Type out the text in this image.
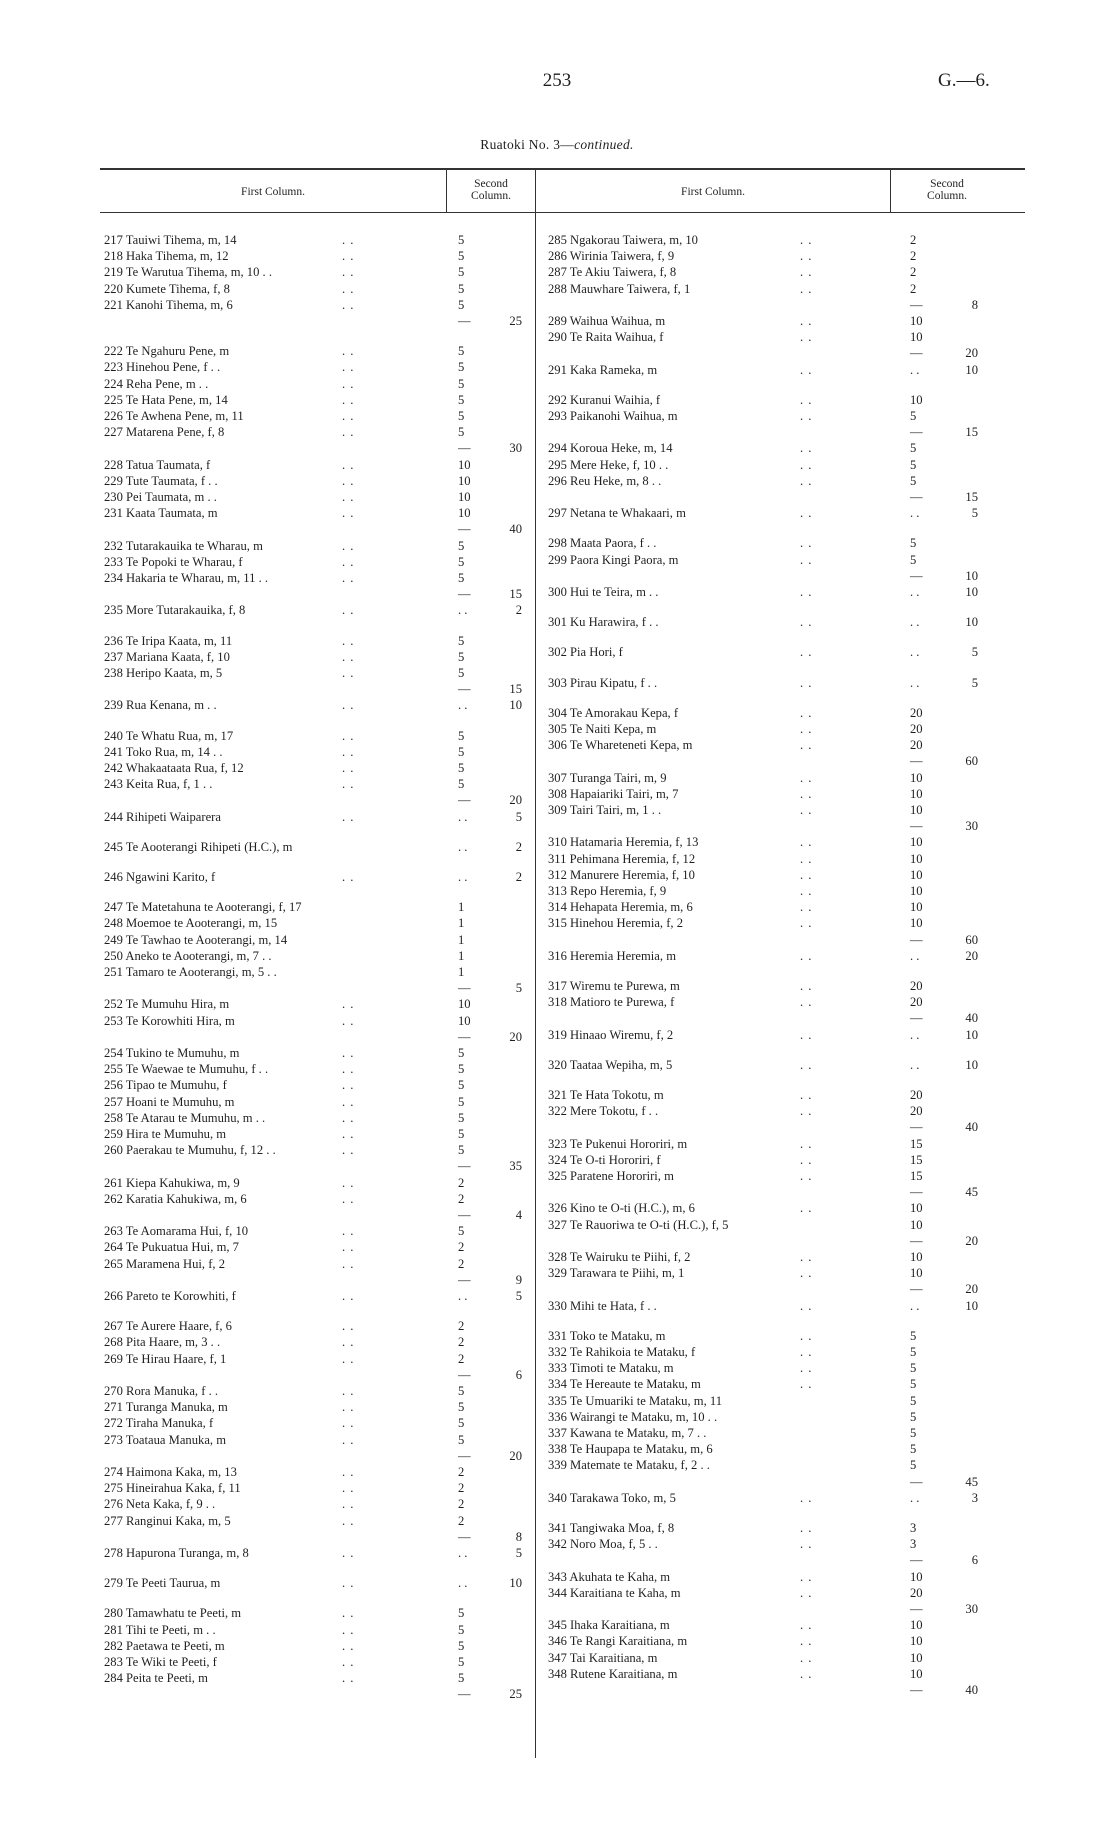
253	G.—6.
Ruatoki No. 3—continued.
First Column.
Second
Column.	First Column.
Second
Column.
217 Tauiwi Tihema, m, 14	. .	5
218 Haka Tihema, m, 12	. .	5
219 Te Warutua Tihema, m, 10 . .	. .	5
220 Kumete Tihema, f, 8	. .	5
221 Kanohi Tihema, m, 6	. .	5
—	25
222 Te Ngahuru Pene, m	. .	5
223 Hinehou Pene, f . .	. .	5
224 Reha Pene, m . .	. .	5
225 Te Hata Pene, m, 14	. .	5
226 Te Awhena Pene, m, 11	. .	5
227 Matarena Pene, f, 8	. .	5
—	30
228 Tatua Taumata, f	. .	10
229 Tute Taumata, f . .	. .	10
230 Pei Taumata, m . .	. .	10
231 Kaata Taumata, m	. .	10
—	40
232 Tutarakauika te Wharau, m	. .	5
233 Te Popoki te Wharau, f	. .	5
234 Hakaria te Wharau, m, 11 . .	. .	5
—	15
235 More Tutarakauika, f, 8	. .	. .	2
236 Te Iripa Kaata, m, 11	. .	5
237 Mariana Kaata, f, 10	. .	5
238 Heripo Kaata, m, 5	. .	5
—	15
239 Rua Kenana, m . .	. .	. .	10
240 Te Whatu Rua, m, 17	. .	5
241 Toko Rua, m, 14 . .	. .	5
242 Whakaataata Rua, f, 12	. .	5
243 Keita Rua, f, 1 . .	. .	5
—	20
244 Rihipeti Waiparera	. .	. .	5
245 Te Aooterangi Rihipeti (H.C.), m	. .	2
246 Ngawini Karito, f	. .	. .	2
247 Te Matetahuna te Aooterangi, f, 17	1
248 Moemoe te Aooterangi, m, 15	1
249 Te Tawhao te Aooterangi, m, 14	1
250 Aneko te Aooterangi, m, 7 . .	1
251 Tamaro te Aooterangi, m, 5 . .	1
—	5
252 Te Mumuhu Hira, m	. .	10
253 Te Korowhiti Hira, m	. .	10
—	20
254 Tukino te Mumuhu, m	. .	5
255 Te Waewae te Mumuhu, f . .	. .	5
256 Tipao te Mumuhu, f	. .	5
257 Hoani te Mumuhu, m	. .	5
258 Te Atarau te Mumuhu, m . .	. .	5
259 Hira te Mumuhu, m	. .	5
260 Paerakau te Mumuhu, f, 12 . .	. .	5
—	35
261 Kiepa Kahukiwa, m, 9	. .	2
262 Karatia Kahukiwa, m, 6	. .	2
—	4
263 Te Aomarama Hui, f, 10	. .	5
264 Te Pukuatua Hui, m, 7	. .	2
265 Maramena Hui, f, 2	. .	2
—	9
266 Pareto te Korowhiti, f	. .	. .	5
267 Te Aurere Haare, f, 6	. .	2
268 Pita Haare, m, 3 . .	. .	2
269 Te Hirau Haare, f, 1	. .	2
—	6
270 Rora Manuka, f . .	. .	5
271 Turanga Manuka, m	. .	5
272 Tiraha Manuka, f	. .	5
273 Toataua Manuka, m	. .	5
—	20
274 Haimona Kaka, m, 13	. .	2
275 Hineirahua Kaka, f, 11	. .	2
276 Neta Kaka, f, 9 . .	. .	2
277 Ranginui Kaka, m, 5	. .	2
—	8
278 Hapurona Turanga, m, 8	. .	. .	5
279 Te Peeti Taurua, m	. .	. .	10
280 Tamawhatu te Peeti, m	. .	5
281 Tihi te Peeti, m . .	. .	5
282 Paetawa te Peeti, m	. .	5
283 Te Wiki te Peeti, f	. .	5
284 Peita te Peeti, m	. .	5
—	25
285 Ngakorau Taiwera, m, 10	. .	2
286 Wirinia Taiwera, f, 9	. .	2
287 Te Akiu Taiwera, f, 8	. .	2
288 Mauwhare Taiwera, f, 1	. .	2
—	8
289 Waihua Waihua, m	. .	10
290 Te Raita Waihua, f	. .	10
—	20
291 Kaka Rameka, m	. .	. .	10
292 Kuranui Waihia, f	. .	10
293 Paikanohi Waihua, m	. .	5
—	15
294 Koroua Heke, m, 14	. .	5
295 Mere Heke, f, 10 . .	. .	5
296 Reu Heke, m, 8 . .	. .	5
—	15
297 Netana te Whakaari, m	. .	. .	5
298 Maata Paora, f . .	. .	5
299 Paora Kingi Paora, m	. .	5
—	10
300 Hui te Teira, m . .	. .	. .	10
301 Ku Harawira, f . .	. .	. .	10
302 Pia Hori, f	. .	. .	5
303 Pirau Kipatu, f . .	. .	. .	5
304 Te Amorakau Kepa, f	. .	20
305 Te Naiti Kepa, m	. .	20
306 Te Whareteneti Kepa, m	. .	20
—	60
307 Turanga Tairi, m, 9	. .	10
308 Hapaiariki Tairi, m, 7	. .	10
309 Tairi Tairi, m, 1 . .	. .	10
—	30
310 Hatamaria Heremia, f, 13	. .	10
311 Pehimana Heremia, f, 12	. .	10
312 Manurere Heremia, f, 10	. .	10
313 Repo Heremia, f, 9	. .	10
314 Hehapata Heremia, m, 6	. .	10
315 Hinehou Heremia, f, 2	. .	10
—	60
316 Heremia Heremia, m	. .	. .	20
317 Wiremu te Purewa, m	. .	20
318 Matioro te Purewa, f	. .	20
—	40
319 Hinaao Wiremu, f, 2	. .	. .	10
320 Taataa Wepiha, m, 5	. .	. .	10
321 Te Hata Tokotu, m	. .	20
322 Mere Tokotu, f . .	. .	20
—	40
323 Te Pukenui Hororiri, m	. .	15
324 Te O-ti Hororiri, f	. .	15
325 Paratene Hororiri, m	. .	15
—	45
326 Kino te O-ti (H.C.), m, 6	. .	10
327 Te Rauoriwa te O-ti (H.C.), f, 5	10
—	20
328 Te Wairuku te Piihi, f, 2	. .	10
329 Tarawara te Piihi, m, 1	. .	10
—	20
330 Mihi te Hata, f . .	. .	. .	10
331 Toko te Mataku, m	. .	5
332 Te Rahikoia te Mataku, f	. .	5
333 Timoti te Mataku, m	. .	5
334 Te Hereaute te Mataku, m	. .	5
335 Te Umuariki te Mataku, m, 11	5
336 Wairangi te Mataku, m, 10 . .	5
337 Kawana te Mataku, m, 7 . .	5
338 Te Haupapa te Mataku, m, 6	5
339 Matemate te Mataku, f, 2 . .	5
—	45
340 Tarakawa Toko, m, 5	. .	. .	3
341 Tangiwaka Moa, f, 8	. .	3
342 Noro Moa, f, 5 . .	. .	3
—	6
343 Akuhata te Kaha, m	. .	10
344 Karaitiana te Kaha, m	. .	20
—	30
345 Ihaka Karaitiana, m	. .	10
346 Te Rangi Karaitiana, m	. .	10
347 Tai Karaitiana, m	. .	10
348 Rutene Karaitiana, m	. .	10
—	40
